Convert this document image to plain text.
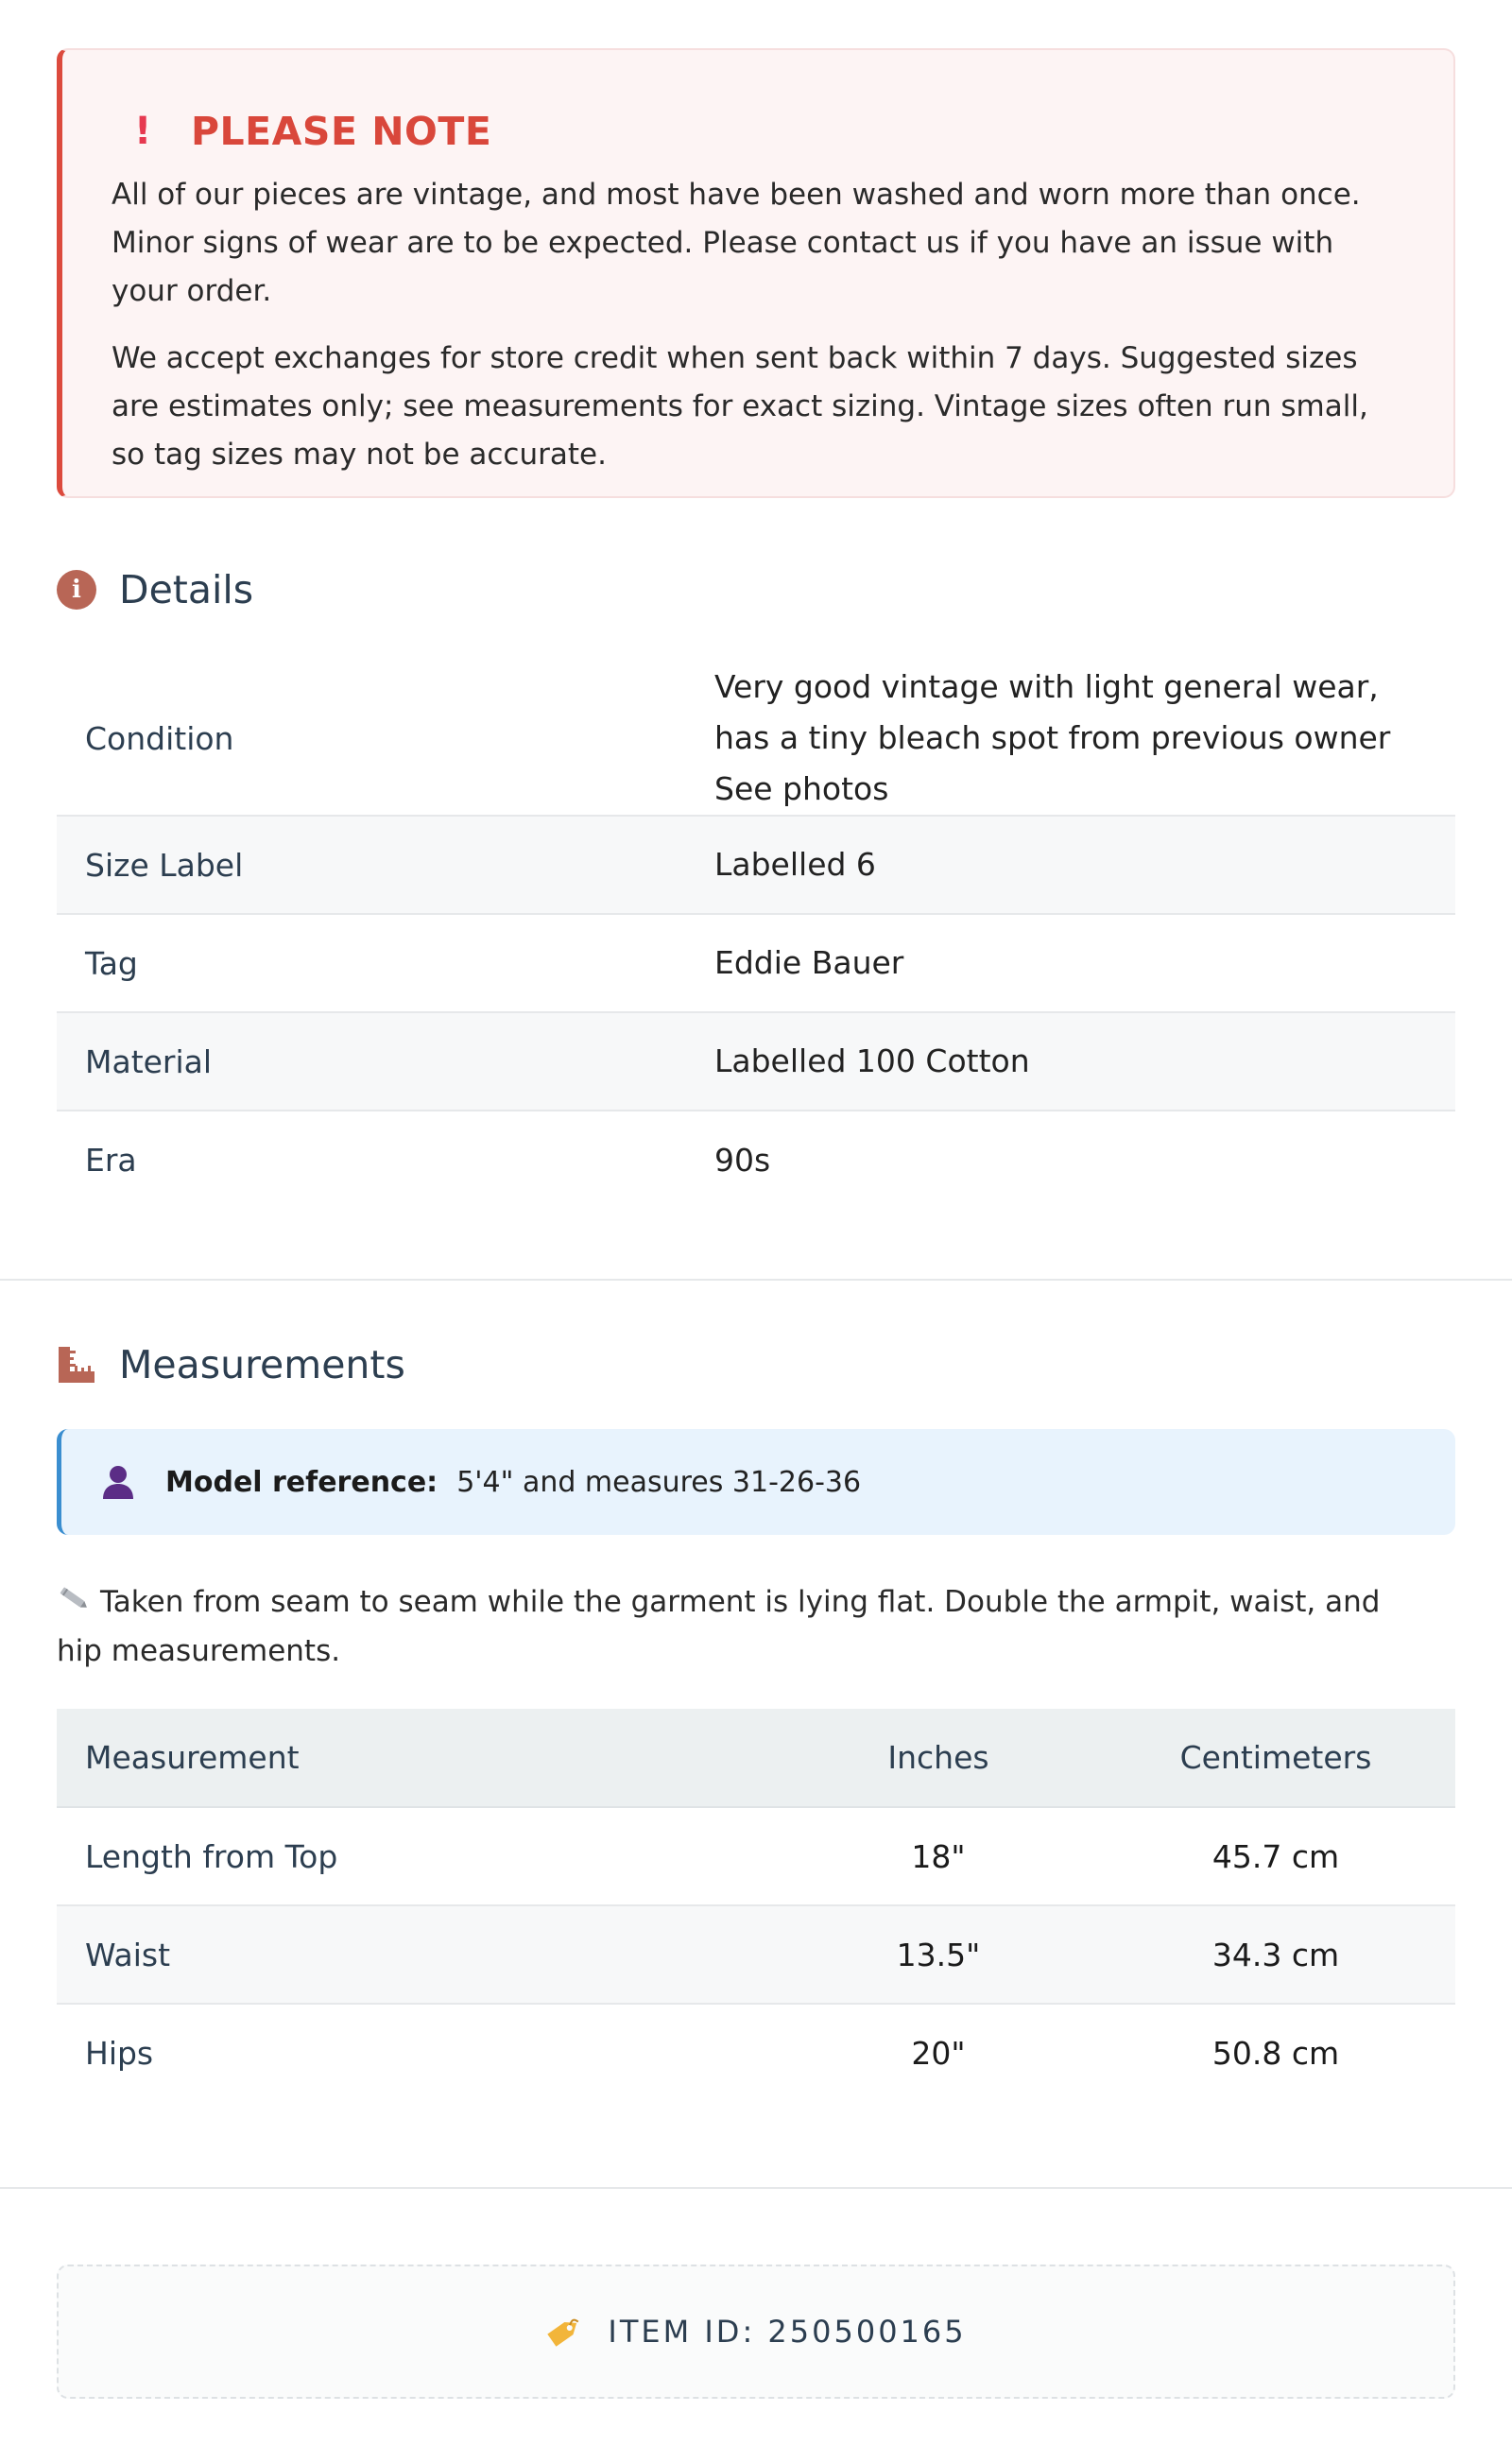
!	PLEASE NOTE

All of our pieces are vintage, and most have been washed and worn more than once. Minor signs of wear are to be expected. Please contact us if you have an issue with your order.

We accept exchanges for store credit when sent back within 7 days. Suggested sizes are estimates only; see measurements for exact sizing. Vintage sizes often run small, so tag sizes may not be accurate.

i Details
Condition	Very good vintage with light general wear, has a tiny bleach spot from previous owner See photos
Size Label	Labelled 6
Tag	Eddie Bauer
Material	Labelled 100 Cotton
Era	90s
Measurements
Model reference: 5'4" and measures 31-26-36
Taken from seam to seam while the garment is lying flat. Double the armpit, waist, and hip measurements.
Measurement	Inches	Centimeters
Length from Top	18"	45.7 cm
Waist	13.5"	34.3 cm
Hips	20"	50.8 cm
ITEM ID: 250500165
